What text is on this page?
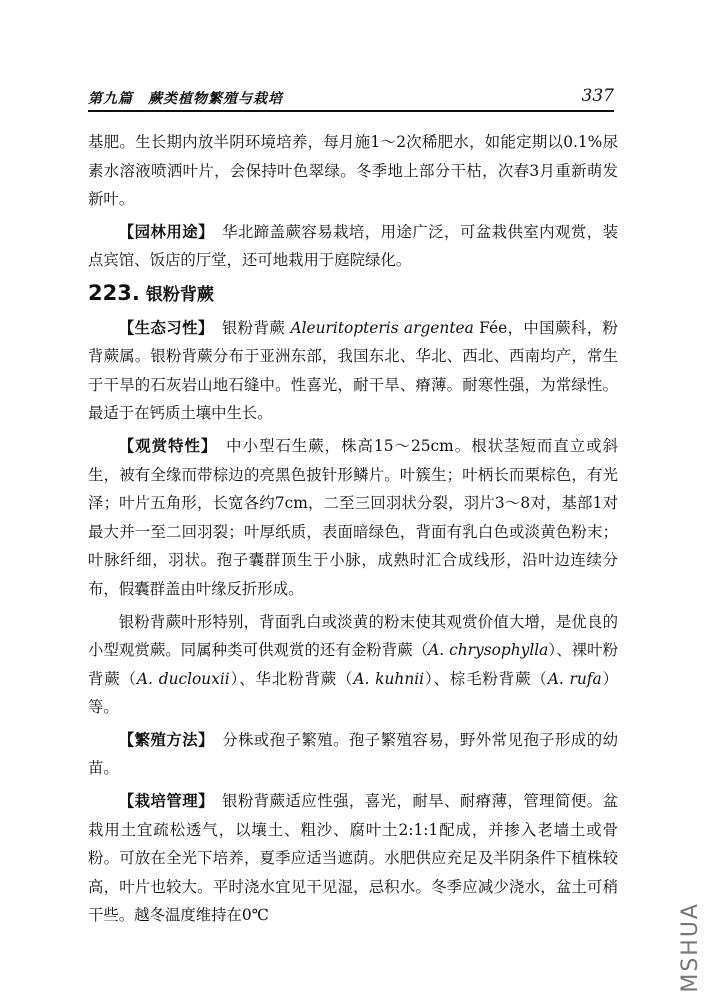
第九篇　蕨类植物繁殖与栽培	337

基肥。生长期内放半阴环境培养，每月施1～2次稀肥水，如能定期以0.1%尿素水溶液喷洒叶片，会保持叶色翠绿。冬季地上部分干枯，次春3月重新萌发新叶。

【园林用途】　 华北蹄盖蕨容易栽培，用途广泛，可盆栽供室内观赏，装点宾馆、饭店的厅堂，还可地栽用于庭院绿化。

223. 银粉背蕨

【生态习性】　 银粉背蕨 Aleuritopteris argentea Fée，中国蕨科，粉背蕨属。银粉背蕨分布于亚洲东部，我国东北、华北、西北、西南均产，常生于干旱的石灰岩山地石缝中。性喜光，耐干旱、瘠薄。耐寒性强，为常绿性。最适于在钙质土壤中生长。

【观赏特性】　 中小型石生蕨，株高15～25cm。根状茎短而直立或斜生，被有全缘而带棕边的亮黑色披针形鳞片。叶簇生；叶柄长而栗棕色，有光泽；叶片五角形，长宽各约7cm，二至三回羽状分裂，羽片3～8对，基部1对最大并一至二回羽裂；叶厚纸质，表面暗绿色，背面有乳白色或淡黄色粉末；叶脉纤细，羽状。孢子囊群顶生于小脉，成熟时汇合成线形，沿叶边连续分布，假囊群盖由叶缘反折形成。

银粉背蕨叶形特别，背面乳白或淡黄的粉末使其观赏价值大增，是优良的小型观赏蕨。同属种类可供观赏的还有金粉背蕨（A. chrysophylla）、裸叶粉背蕨（A. duclouxii）、华北粉背蕨（A. kuhnii）、棕毛粉背蕨（A. rufa）等。

【繁殖方法】　 分株或孢子繁殖。孢子繁殖容易，野外常见孢子形成的幼苗。

【栽培管理】　 银粉背蕨适应性强，喜光，耐旱、耐瘠薄，管理简便。盆栽用土宜疏松透气，以壤土、粗沙、腐叶土2:1:1配成，并掺入老墙土或骨粉。可放在全光下培养，夏季应适当遮荫。水肥供应充足及半阴条件下植株较高，叶片也较大。平时浇水宜见干见湿，忌积水。冬季应减少浇水，盆土可稍干些。越冬温度维持在0℃	MSHUA
